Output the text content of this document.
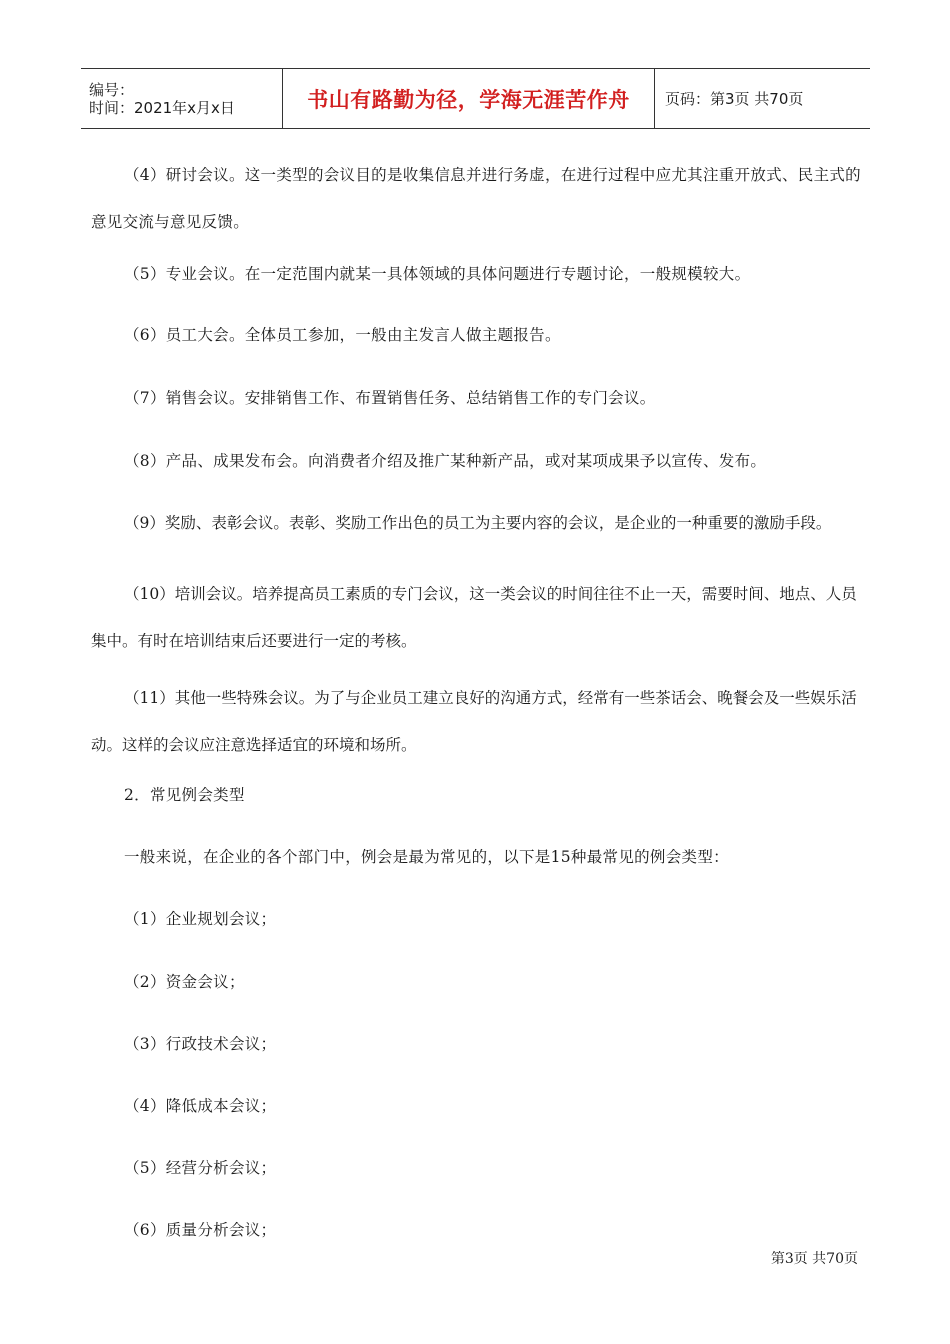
编号：
时间：2021年x月x日	书山有路勤为径，学海无涯苦作舟	页码：第3页 共70页
（4）研讨会议。这一类型的会议目的是收集信息并进行务虚，在进行过程中应尤其注重开放式、民主式的意见交流与意见反馈。
（5）专业会议。在一定范围内就某一具体领域的具体问题进行专题讨论，一般规模较大。
（6）员工大会。全体员工参加，一般由主发言人做主题报告。
（7）销售会议。安排销售工作、布置销售任务、总结销售工作的专门会议。
（8）产品、成果发布会。向消费者介绍及推广某种新产品，或对某项成果予以宣传、发布。
（9）奖励、表彰会议。表彰、奖励工作出色的员工为主要内容的会议，是企业的一种重要的激励手段。
（10）培训会议。培养提高员工素质的专门会议，这一类会议的时间往往不止一天，需要时间、地点、人员集中。有时在培训结束后还要进行一定的考核。
（11）其他一些特殊会议。为了与企业员工建立良好的沟通方式，经常有一些茶话会、晚餐会及一些娱乐活动。这样的会议应注意选择适宜的环境和场所。
2．常见例会类型
一般来说，在企业的各个部门中，例会是最为常见的，以下是15种最常见的例会类型：
（1）企业规划会议；
（2）资金会议；
（3）行政技术会议；
（4）降低成本会议；
（5）经营分析会议；
（6）质量分析会议；
第3页 共70页
